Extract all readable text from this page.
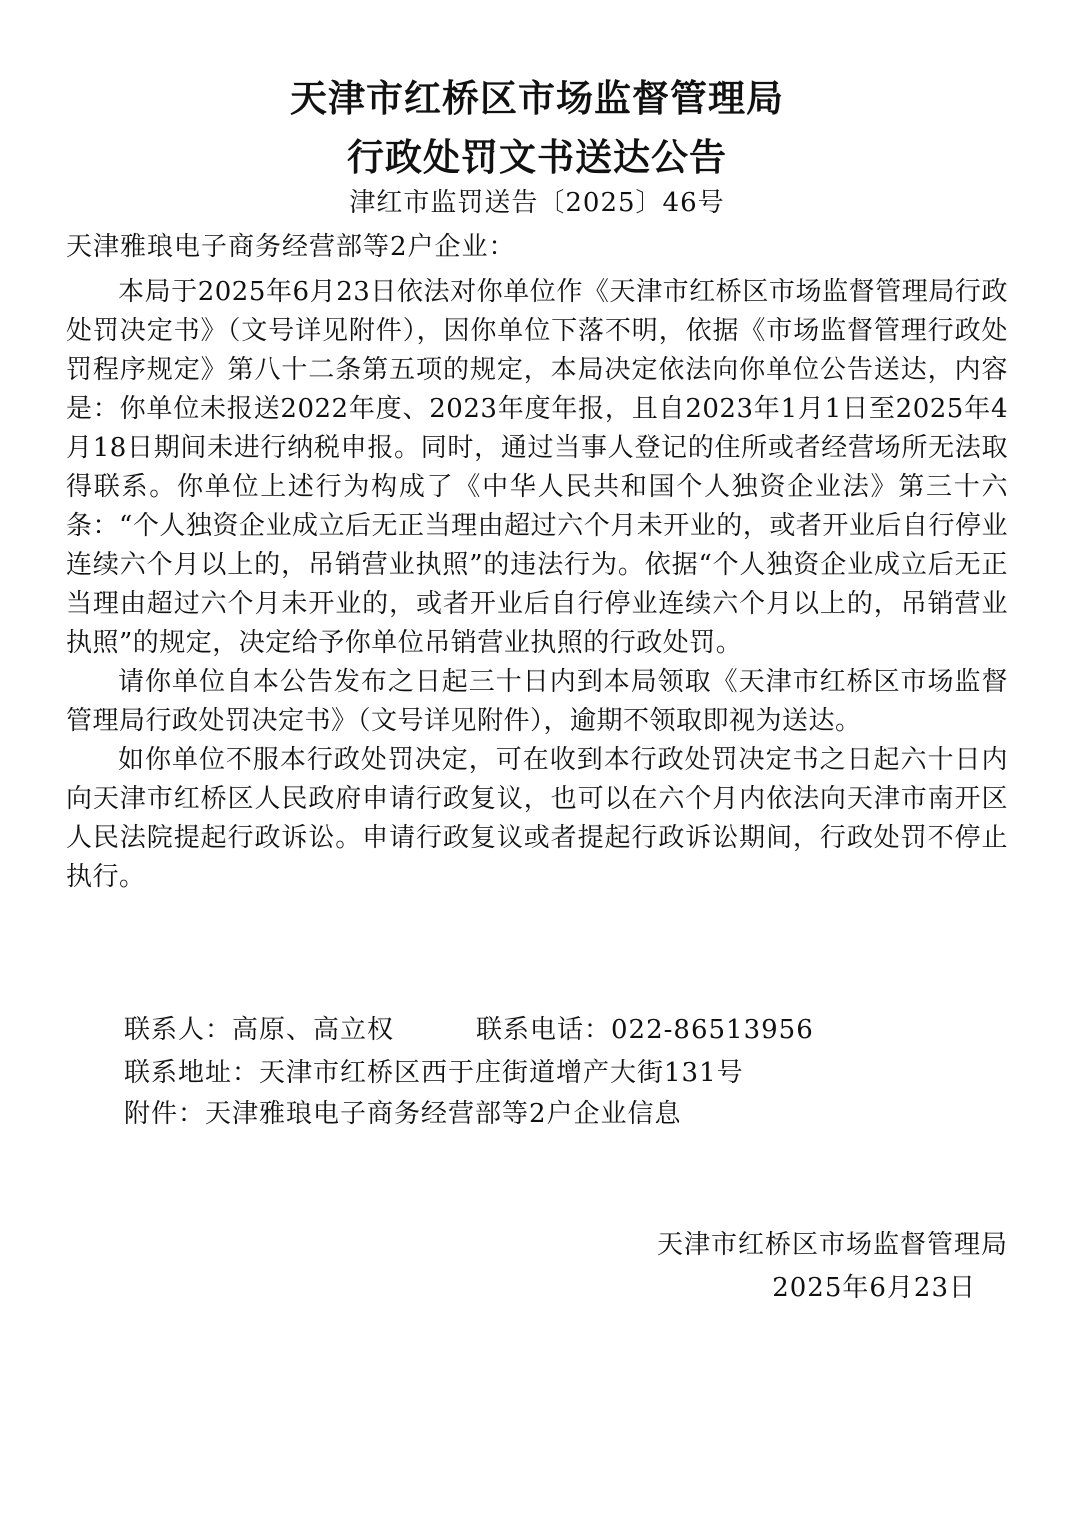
天津市红桥区市场监督管理局
行政处罚文书送达公告
津红市监罚送告〔2025〕46号
天津雅琅电子商务经营部等2户企业：

本局于2025年6月23日依法对你单位作《天津市红桥区市场监督管理局行政处罚决定书》（文号详见附件），因你单位下落不明，依据《市场监督管理行政处罚程序规定》第八十二条第五项的规定，本局决定依法向你单位公告送达，内容是：你单位未报送2022年度、2023年度年报，且自2023年1月1日至2025年4月18日期间未进行纳税申报。同时，通过当事人登记的住所或者经营场所无法取得联系。你单位上述行为构成了《中华人民共和国个人独资企业法》第三十六条：“个人独资企业成立后无正当理由超过六个月未开业的，或者开业后自行停业连续六个月以上的，吊销营业执照”的违法行为。依据“个人独资企业成立后无正当理由超过六个月未开业的，或者开业后自行停业连续六个月以上的，吊销营业执照”的规定，决定给予你单位吊销营业执照的行政处罚。

请你单位自本公告发布之日起三十日内到本局领取《天津市红桥区市场监督管理局行政处罚决定书》（文号详见附件），逾期不领取即视为送达。

如你单位不服本行政处罚决定，可在收到本行政处罚决定书之日起六十日内向天津市红桥区人民政府申请行政复议，也可以在六个月内依法向天津市南开区人民法院提起行政诉讼。申请行政复议或者提起行政诉讼期间，行政处罚不停止执行。

联系人：高原、高立权	联系电话：022-86513956
联系地址：天津市红桥区西于庄街道增产大街131号
附件：天津雅琅电子商务经营部等2户企业信息
天津市红桥区市场监督管理局
2025年6月23日
